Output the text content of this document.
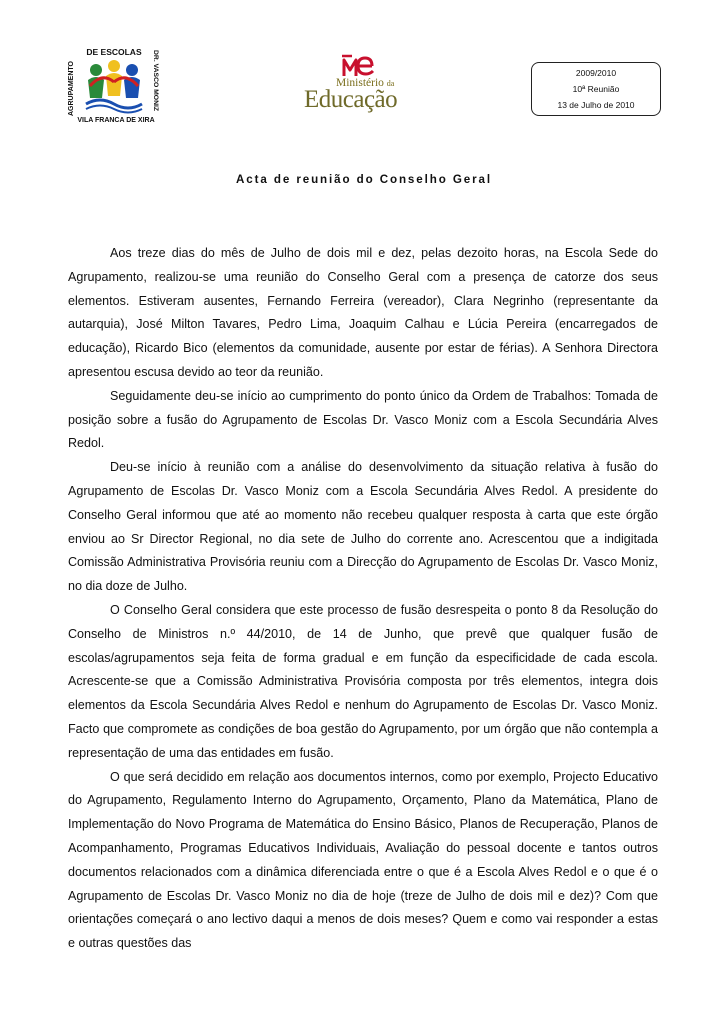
DE ESCOLAS
AGRUPAMENTO	DR. VASCO MONIZ
VILA FRANCA DE XIRA
Ministério da
Educação
2009/2010
10ª Reunião
13 de Julho de 2010
Acta de reunião do Conselho Geral

Aos treze dias do mês de Julho de dois mil e dez, pelas dezoito horas, na Escola Sede do Agrupamento, realizou-se uma reunião do Conselho Geral com a presença de catorze dos seus elementos. Estiveram ausentes, Fernando Ferreira (vereador), Clara Negrinho (representante da autarquia), José Milton Tavares, Pedro Lima, Joaquim Calhau e Lúcia Pereira (encarregados de educação), Ricardo Bico (elementos da comunidade, ausente por estar de férias). A Senhora Directora apresentou escusa devido ao teor da reunião.

Seguidamente deu-se início ao cumprimento do ponto único da Ordem de Trabalhos: Tomada de posição sobre a fusão do Agrupamento de Escolas Dr. Vasco Moniz com a Escola Secundária Alves Redol.

Deu-se início à reunião com a análise do desenvolvimento da situação relativa à fusão do Agrupamento de Escolas Dr. Vasco Moniz com a Escola Secundária Alves Redol. A presidente do Conselho Geral informou que até ao momento não recebeu qualquer resposta à carta que este órgão enviou ao Sr Director Regional, no dia sete de Julho do corrente ano. Acrescentou que a indigitada Comissão Administrativa Provisória reuniu com a Direcção do Agrupamento de Escolas Dr. Vasco Moniz, no dia doze de Julho.

O Conselho Geral considera que este processo de fusão desrespeita o ponto 8 da Resolução do Conselho de Ministros n.º 44/2010, de 14 de Junho, que prevê que qualquer fusão de escolas/agrupamentos seja feita de forma gradual e em função da especificidade de cada escola. Acrescente-se que a Comissão Administrativa Provisória composta por três elementos, integra dois elementos da Escola Secundária Alves Redol e nenhum do Agrupamento de Escolas Dr. Vasco Moniz. Facto que compromete as condições de boa gestão do Agrupamento, por um órgão que não contempla a representação de uma das entidades em fusão.

O que será decidido em relação aos documentos internos, como por exemplo, Projecto Educativo do Agrupamento, Regulamento Interno do Agrupamento, Orçamento, Plano da Matemática, Plano de Implementação do Novo Programa de Matemática do Ensino Básico, Planos de Recuperação, Planos de Acompanhamento, Programas Educativos Individuais, Avaliação do pessoal docente e tantos outros documentos relacionados com a dinâmica diferenciada entre o que é a Escola Alves Redol e o que é o Agrupamento de Escolas Dr. Vasco Moniz no dia de hoje (treze de Julho de dois mil e dez)? Com que orientações começará o ano lectivo daqui a menos de dois meses? Quem e como vai responder a estas e outras questões das
